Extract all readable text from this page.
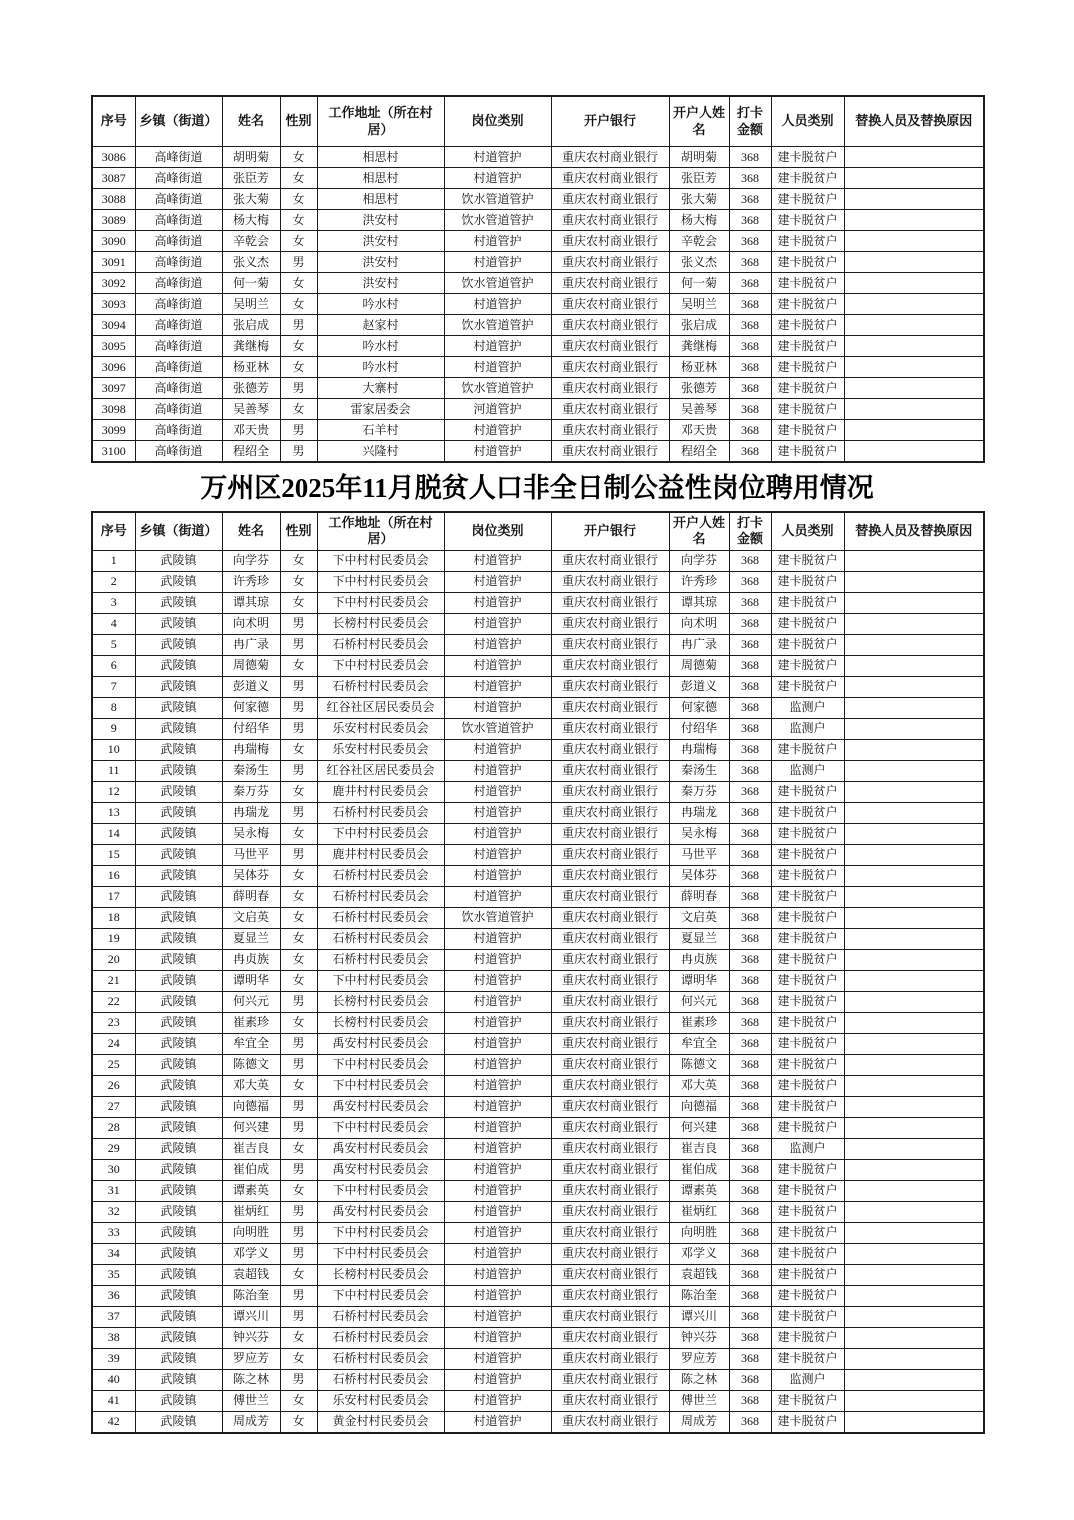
序号	乡镇（街道）	姓名	性别	工作地址（所在村居）	岗位类别	开户银行	开户人姓名	打卡金额	人员类别	替换人员及替换原因
3086	高峰街道	胡明菊	女	相思村	村道管护	重庆农村商业银行	胡明菊	368	建卡脱贫户	
3087	高峰街道	张臣芳	女	相思村	村道管护	重庆农村商业银行	张臣芳	368	建卡脱贫户	
3088	高峰街道	张大菊	女	相思村	饮水管道管护	重庆农村商业银行	张大菊	368	建卡脱贫户	
3089	高峰街道	杨大梅	女	洪安村	饮水管道管护	重庆农村商业银行	杨大梅	368	建卡脱贫户	
3090	高峰街道	辛乾会	女	洪安村	村道管护	重庆农村商业银行	辛乾会	368	建卡脱贫户	
3091	高峰街道	张义杰	男	洪安村	村道管护	重庆农村商业银行	张义杰	368	建卡脱贫户	
3092	高峰街道	何一菊	女	洪安村	饮水管道管护	重庆农村商业银行	何一菊	368	建卡脱贫户	
3093	高峰街道	吴明兰	女	吟水村	村道管护	重庆农村商业银行	吴明兰	368	建卡脱贫户	
3094	高峰街道	张启成	男	赵家村	饮水管道管护	重庆农村商业银行	张启成	368	建卡脱贫户	
3095	高峰街道	龚继梅	女	吟水村	村道管护	重庆农村商业银行	龚继梅	368	建卡脱贫户	
3096	高峰街道	杨亚林	女	吟水村	村道管护	重庆农村商业银行	杨亚林	368	建卡脱贫户	
3097	高峰街道	张德芳	男	大寨村	饮水管道管护	重庆农村商业银行	张德芳	368	建卡脱贫户	
3098	高峰街道	吴善琴	女	雷家居委会	河道管护	重庆农村商业银行	吴善琴	368	建卡脱贫户	
3099	高峰街道	邓天贵	男	石羊村	村道管护	重庆农村商业银行	邓天贵	368	建卡脱贫户	
3100	高峰街道	程绍全	男	兴隆村	村道管护	重庆农村商业银行	程绍全	368	建卡脱贫户	
万州区2025年11月脱贫人口非全日制公益性岗位聘用情况
序号	乡镇（街道）	姓名	性别	工作地址（所在村居）	岗位类别	开户银行	开户人姓名	打卡金额	人员类别	替换人员及替换原因
1	武陵镇	向学芬	女	下中村村民委员会	村道管护	重庆农村商业银行	向学芬	368	建卡脱贫户	
2	武陵镇	许秀珍	女	下中村村民委员会	村道管护	重庆农村商业银行	许秀珍	368	建卡脱贫户	
3	武陵镇	谭其琼	女	下中村村民委员会	村道管护	重庆农村商业银行	谭其琼	368	建卡脱贫户	
4	武陵镇	向术明	男	长榜村村民委员会	村道管护	重庆农村商业银行	向术明	368	建卡脱贫户	
5	武陵镇	冉广录	男	石桥村村民委员会	村道管护	重庆农村商业银行	冉广录	368	建卡脱贫户	
6	武陵镇	周德菊	女	下中村村民委员会	村道管护	重庆农村商业银行	周德菊	368	建卡脱贫户	
7	武陵镇	彭道义	男	石桥村村民委员会	村道管护	重庆农村商业银行	彭道义	368	建卡脱贫户	
8	武陵镇	何家德	男	红谷社区居民委员会	村道管护	重庆农村商业银行	何家德	368	监测户	
9	武陵镇	付绍华	男	乐安村村民委员会	饮水管道管护	重庆农村商业银行	付绍华	368	监测户	
10	武陵镇	冉瑞梅	女	乐安村村民委员会	村道管护	重庆农村商业银行	冉瑞梅	368	建卡脱贫户	
11	武陵镇	秦汤生	男	红谷社区居民委员会	村道管护	重庆农村商业银行	秦汤生	368	监测户	
12	武陵镇	秦万芬	女	鹿井村村民委员会	村道管护	重庆农村商业银行	秦万芬	368	建卡脱贫户	
13	武陵镇	冉瑞龙	男	石桥村村民委员会	村道管护	重庆农村商业银行	冉瑞龙	368	建卡脱贫户	
14	武陵镇	吴永梅	女	下中村村民委员会	村道管护	重庆农村商业银行	吴永梅	368	建卡脱贫户	
15	武陵镇	马世平	男	鹿井村村民委员会	村道管护	重庆农村商业银行	马世平	368	建卡脱贫户	
16	武陵镇	吴体芬	女	石桥村村民委员会	村道管护	重庆农村商业银行	吴体芬	368	建卡脱贫户	
17	武陵镇	薛明春	女	石桥村村民委员会	村道管护	重庆农村商业银行	薛明春	368	建卡脱贫户	
18	武陵镇	文启英	女	石桥村村民委员会	饮水管道管护	重庆农村商业银行	文启英	368	建卡脱贫户	
19	武陵镇	夏显兰	女	石桥村村民委员会	村道管护	重庆农村商业银行	夏显兰	368	建卡脱贫户	
20	武陵镇	冉贞族	女	石桥村村民委员会	村道管护	重庆农村商业银行	冉贞族	368	建卡脱贫户	
21	武陵镇	谭明华	女	下中村村民委员会	村道管护	重庆农村商业银行	谭明华	368	建卡脱贫户	
22	武陵镇	何兴元	男	长榜村村民委员会	村道管护	重庆农村商业银行	何兴元	368	建卡脱贫户	
23	武陵镇	崔素珍	女	长榜村村民委员会	村道管护	重庆农村商业银行	崔素珍	368	建卡脱贫户	
24	武陵镇	牟宜全	男	禹安村村民委员会	村道管护	重庆农村商业银行	牟宜全	368	建卡脱贫户	
25	武陵镇	陈德文	男	下中村村民委员会	村道管护	重庆农村商业银行	陈德文	368	建卡脱贫户	
26	武陵镇	邓大英	女	下中村村民委员会	村道管护	重庆农村商业银行	邓大英	368	建卡脱贫户	
27	武陵镇	向德福	男	禹安村村民委员会	村道管护	重庆农村商业银行	向德福	368	建卡脱贫户	
28	武陵镇	何兴建	男	下中村村民委员会	村道管护	重庆农村商业银行	何兴建	368	建卡脱贫户	
29	武陵镇	崔吉良	女	禹安村村民委员会	村道管护	重庆农村商业银行	崔吉良	368	监测户	
30	武陵镇	崔伯成	男	禹安村村民委员会	村道管护	重庆农村商业银行	崔伯成	368	建卡脱贫户	
31	武陵镇	谭素英	女	下中村村民委员会	村道管护	重庆农村商业银行	谭素英	368	建卡脱贫户	
32	武陵镇	崔炳红	男	禹安村村民委员会	村道管护	重庆农村商业银行	崔炳红	368	建卡脱贫户	
33	武陵镇	向明胜	男	下中村村民委员会	村道管护	重庆农村商业银行	向明胜	368	建卡脱贫户	
34	武陵镇	邓学义	男	下中村村民委员会	村道管护	重庆农村商业银行	邓学义	368	建卡脱贫户	
35	武陵镇	袁超钱	女	长榜村村民委员会	村道管护	重庆农村商业银行	袁超钱	368	建卡脱贫户	
36	武陵镇	陈治奎	男	下中村村民委员会	村道管护	重庆农村商业银行	陈治奎	368	建卡脱贫户	
37	武陵镇	谭兴川	男	石桥村村民委员会	村道管护	重庆农村商业银行	谭兴川	368	建卡脱贫户	
38	武陵镇	钟兴芬	女	石桥村村民委员会	村道管护	重庆农村商业银行	钟兴芬	368	建卡脱贫户	
39	武陵镇	罗应芳	女	石桥村村民委员会	村道管护	重庆农村商业银行	罗应芳	368	建卡脱贫户	
40	武陵镇	陈之林	男	石桥村村民委员会	村道管护	重庆农村商业银行	陈之林	368	监测户	
41	武陵镇	傅世兰	女	乐安村村民委员会	村道管护	重庆农村商业银行	傅世兰	368	建卡脱贫户	
42	武陵镇	周成芳	女	黄金村村民委员会	村道管护	重庆农村商业银行	周成芳	368	建卡脱贫户	
